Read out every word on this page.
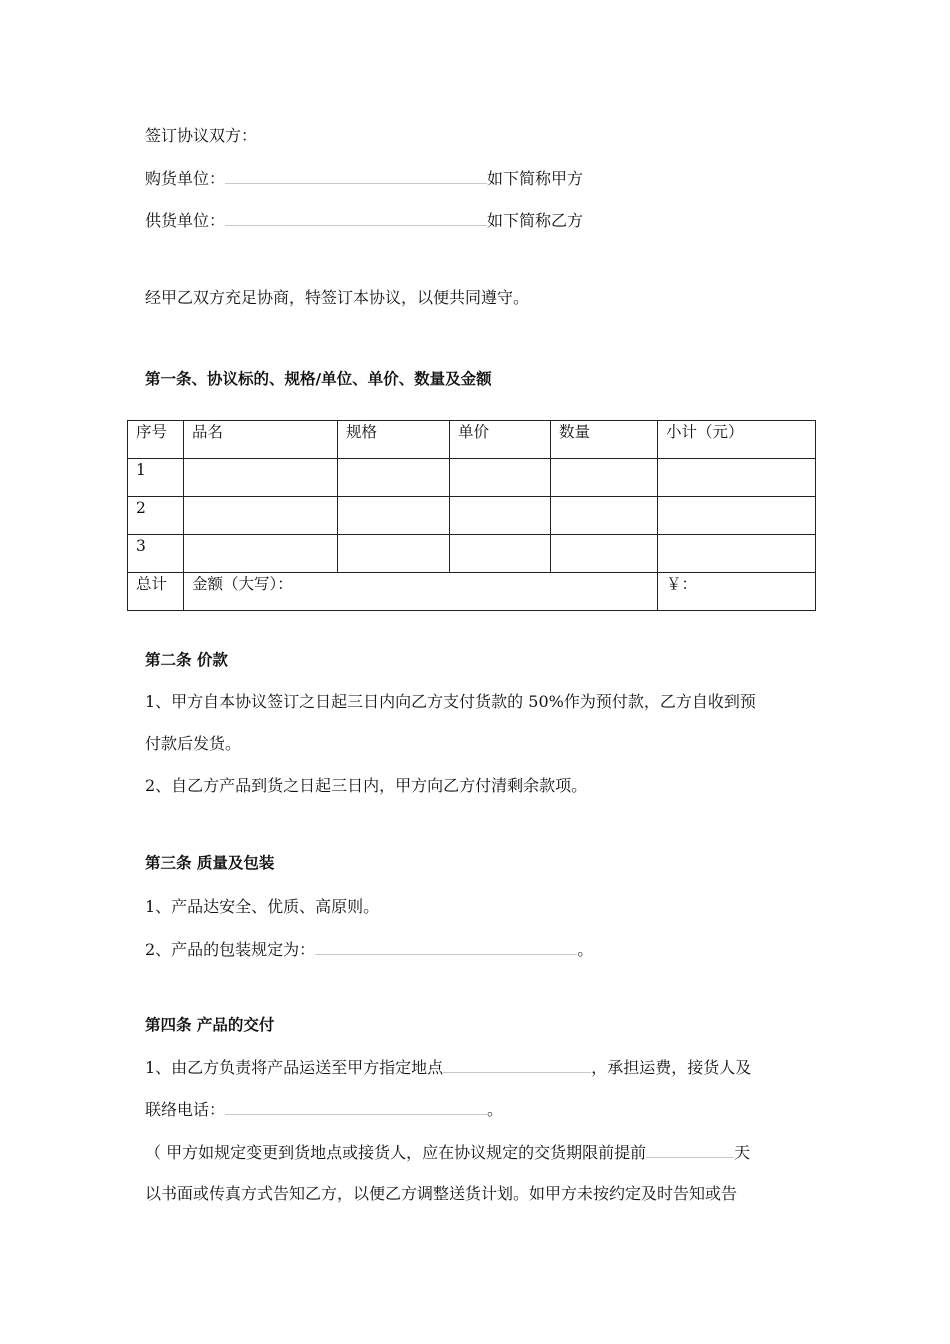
签订协议双方：
购货单位：	如下简称甲方
供货单位：	如下简称乙方
经甲乙双方充足协商，特签订本协议，以便共同遵守。
第一条、协议标的、规格/单位、单价、数量及金额
序号	品名	规格	单价	数量	小计（元）
1					
2					
3					
总计	金额（大写）：				￥：
第二条 价款
1、甲方自本协议签订之日起三日内向乙方支付货款的 50%作为预付款，乙方自收到预
付款后发货。
2、自乙方产品到货之日起三日内，甲方向乙方付清剩余款项。
第三条 质量及包装
1、产品达安全、优质、高原则。
2、产品的包装规定为：	。
第四条 产品的交付
1、由乙方负责将产品运送至甲方指定地点	，承担运费，接货人及
联络电话：	。
（ 甲方如规定变更到货地点或接货人，应在协议规定的交货期限前提前	天
以书面或传真方式告知乙方，以便乙方调整送货计划。如甲方未按约定及时告知或告
